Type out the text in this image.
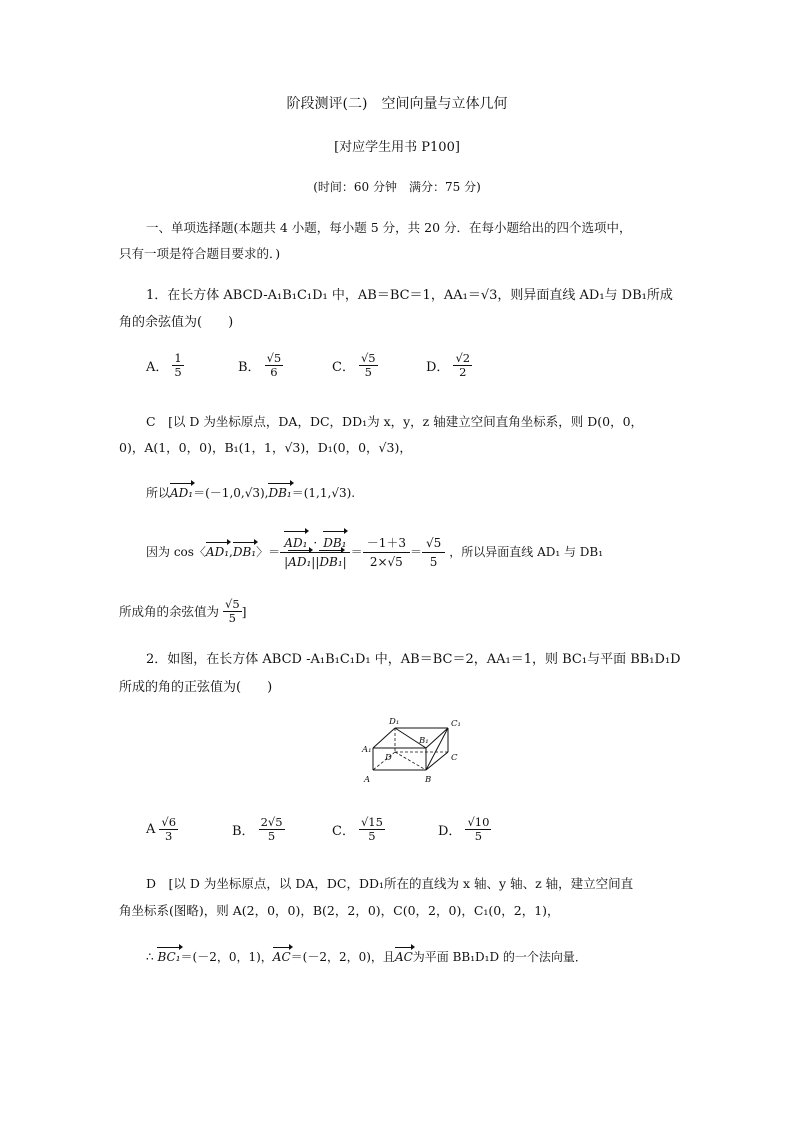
阶段测评(二)　空间向量与立体几何
[对应学生用书 P100]
(时间：60 分钟　满分：75 分)
一、单项选择题(本题共 4 小题，每小题 5 分，共 20 分．在每小题给出的四个选项中，
只有一项是符合题目要求的．)
1．在长方体 ABCD-A₁B₁C₁D₁ 中，AB＝BC＝1，AA₁＝√3，则异面直线 AD₁与 DB₁所成
角的余弦值为(　　)
A． $\frac{1}{5}$	B． $\frac{√5}{6}$	C． $\frac{√5}{5}$	D． $\frac{√2}{2}$
C　[以 D 为坐标原点，DA，DC，DD₁为 x，y，z 轴建立空间直角坐标系，则 D(0，0，
0)，A(1，0，0)，B₁(1，1，√3)，D₁(0，0，√3)，
所以AD₁＝(－1,0,√3),DB₁＝(1,1,√3).
因为 cos〈 AD₁ , DB₁ 〉＝ $\frac{\text{AD₁ · DB₁}}{\text{|AD₁||DB₁|}} = \frac{-1+3}{2\times√5} = \frac{√5}{5}$ ，所以异面直线 AD₁ 与 DB₁
所成角的余弦值为 $\frac{√5}{5}$ ]
2．如图，在长方体 ABCD -A₁B₁C₁D₁ 中，AB＝BC＝2，AA₁＝1，则 BC₁与平面 BB₁D₁D
所成的角的正弦值为(　　)
D₁	C₁
B₁
A₁
D	C
A	B
A $\frac{√6}{3}$	B． $\frac{2√5}{5}$	C． $\frac{√15}{5}$	D． $\frac{√10}{5}$
D　[以 D 为坐标原点，以 DA，DC，DD₁所在的直线为 x 轴、y 轴、z 轴，建立空间直
角坐标系(图略)，则 A(2，0，0)，B(2，2，0)，C(0，2，0)，C₁(0，2，1)，
∴ BC₁＝(－2，0，1)，AC＝(－2，2，0)，且AC为平面 BB₁D₁D 的一个法向量．
